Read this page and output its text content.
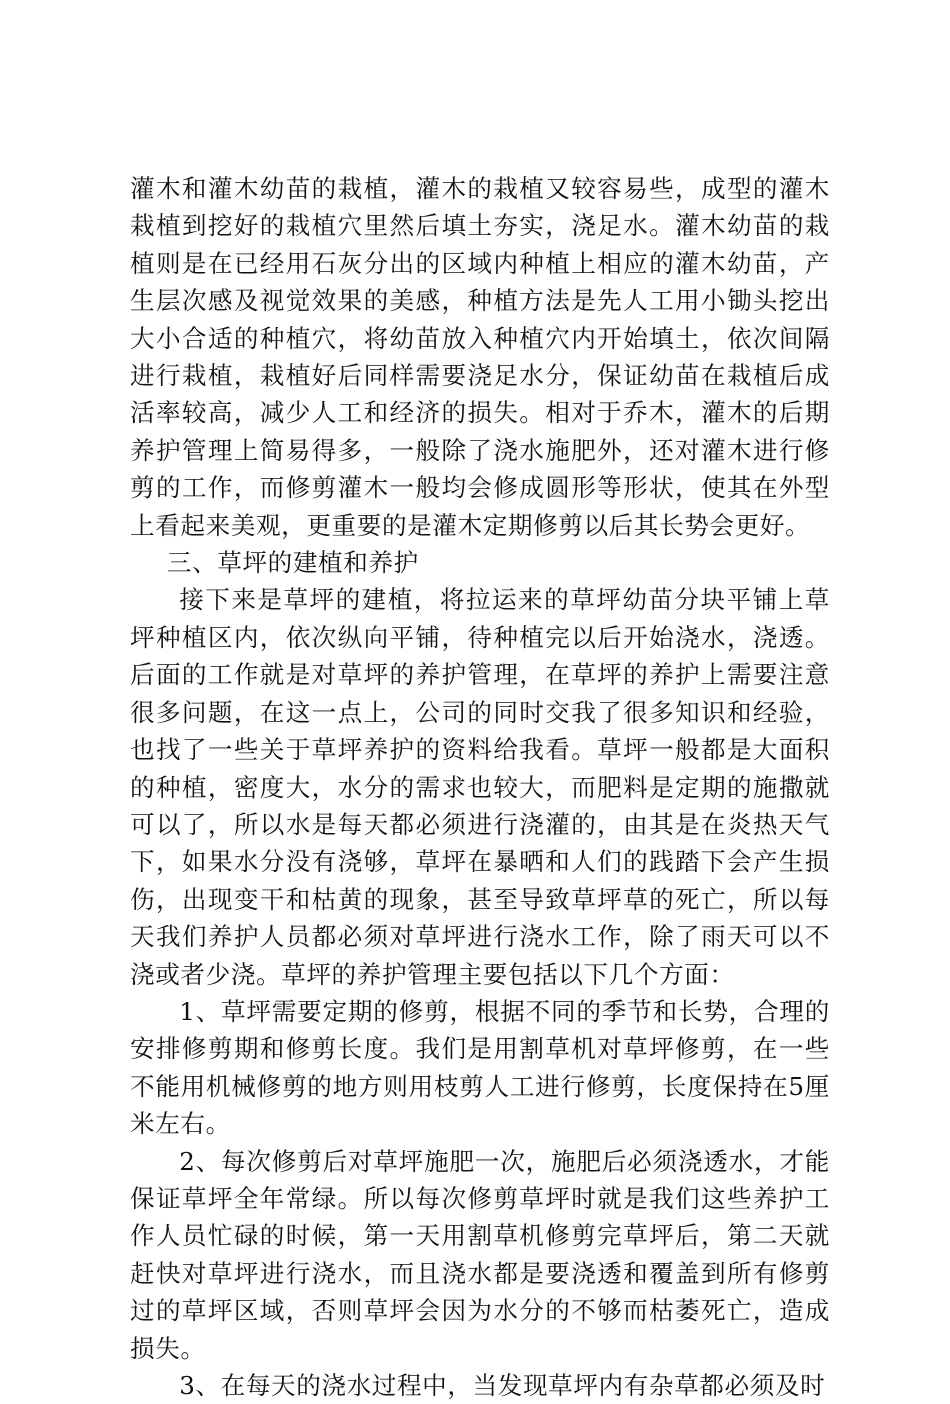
灌木和灌木幼苗的栽植，灌木的栽植又较容易些，成型的灌木栽植到挖好的栽植穴里然后填土夯实，浇足水。灌木幼苗的栽植则是在已经用石灰分出的区域内种植上相应的灌木幼苗，产生层次感及视觉效果的美感，种植方法是先人工用小锄头挖出大小合适的种植穴，将幼苗放入种植穴内开始填土，依次间隔进行栽植，栽植好后同样需要浇足水分，保证幼苗在栽植后成活率较高，减少人工和经济的损失。相对于乔木，灌木的后期养护管理上简易得多，一般除了浇水施肥外，还对灌木进行修剪的工作，而修剪灌木一般均会修成圆形等形状，使其在外型上看起来美观，更重要的是灌木定期修剪以后其长势会更好。

三、草坪的建植和养护

接下来是草坪的建植，将拉运来的草坪幼苗分块平铺上草坪种植区内，依次纵向平铺，待种植完以后开始浇水，浇透。后面的工作就是对草坪的养护管理，在草坪的养护上需要注意很多问题，在这一点上，公司的同时交我了很多知识和经验，也找了一些关于草坪养护的资料给我看。草坪一般都是大面积的种植，密度大，水分的需求也较大，而肥料是定期的施撒就可以了，所以水是每天都必须进行浇灌的，由其是在炎热天气下，如果水分没有浇够，草坪在暴晒和人们的践踏下会产生损伤，出现变干和枯黄的现象，甚至导致草坪草的死亡，所以每天我们养护人员都必须对草坪进行浇水工作，除了雨天可以不浇或者少浇。草坪的养护管理主要包括以下几个方面：

1、草坪需要定期的修剪，根据不同的季节和长势，合理的安排修剪期和修剪长度。我们是用割草机对草坪修剪，在一些不能用机械修剪的地方则用枝剪人工进行修剪，长度保持在5厘米左右。

2、每次修剪后对草坪施肥一次，施肥后必须浇透水，才能保证草坪全年常绿。所以每次修剪草坪时就是我们这些养护工作人员忙碌的时候，第一天用割草机修剪完草坪后，第二天就赶快对草坪进行浇水，而且浇水都是要浇透和覆盖到所有修剪过的草坪区域，否则草坪会因为水分的不够而枯萎死亡，造成损失。

3、在每天的浇水过程中，当发现草坪内有杂草都必须及时
